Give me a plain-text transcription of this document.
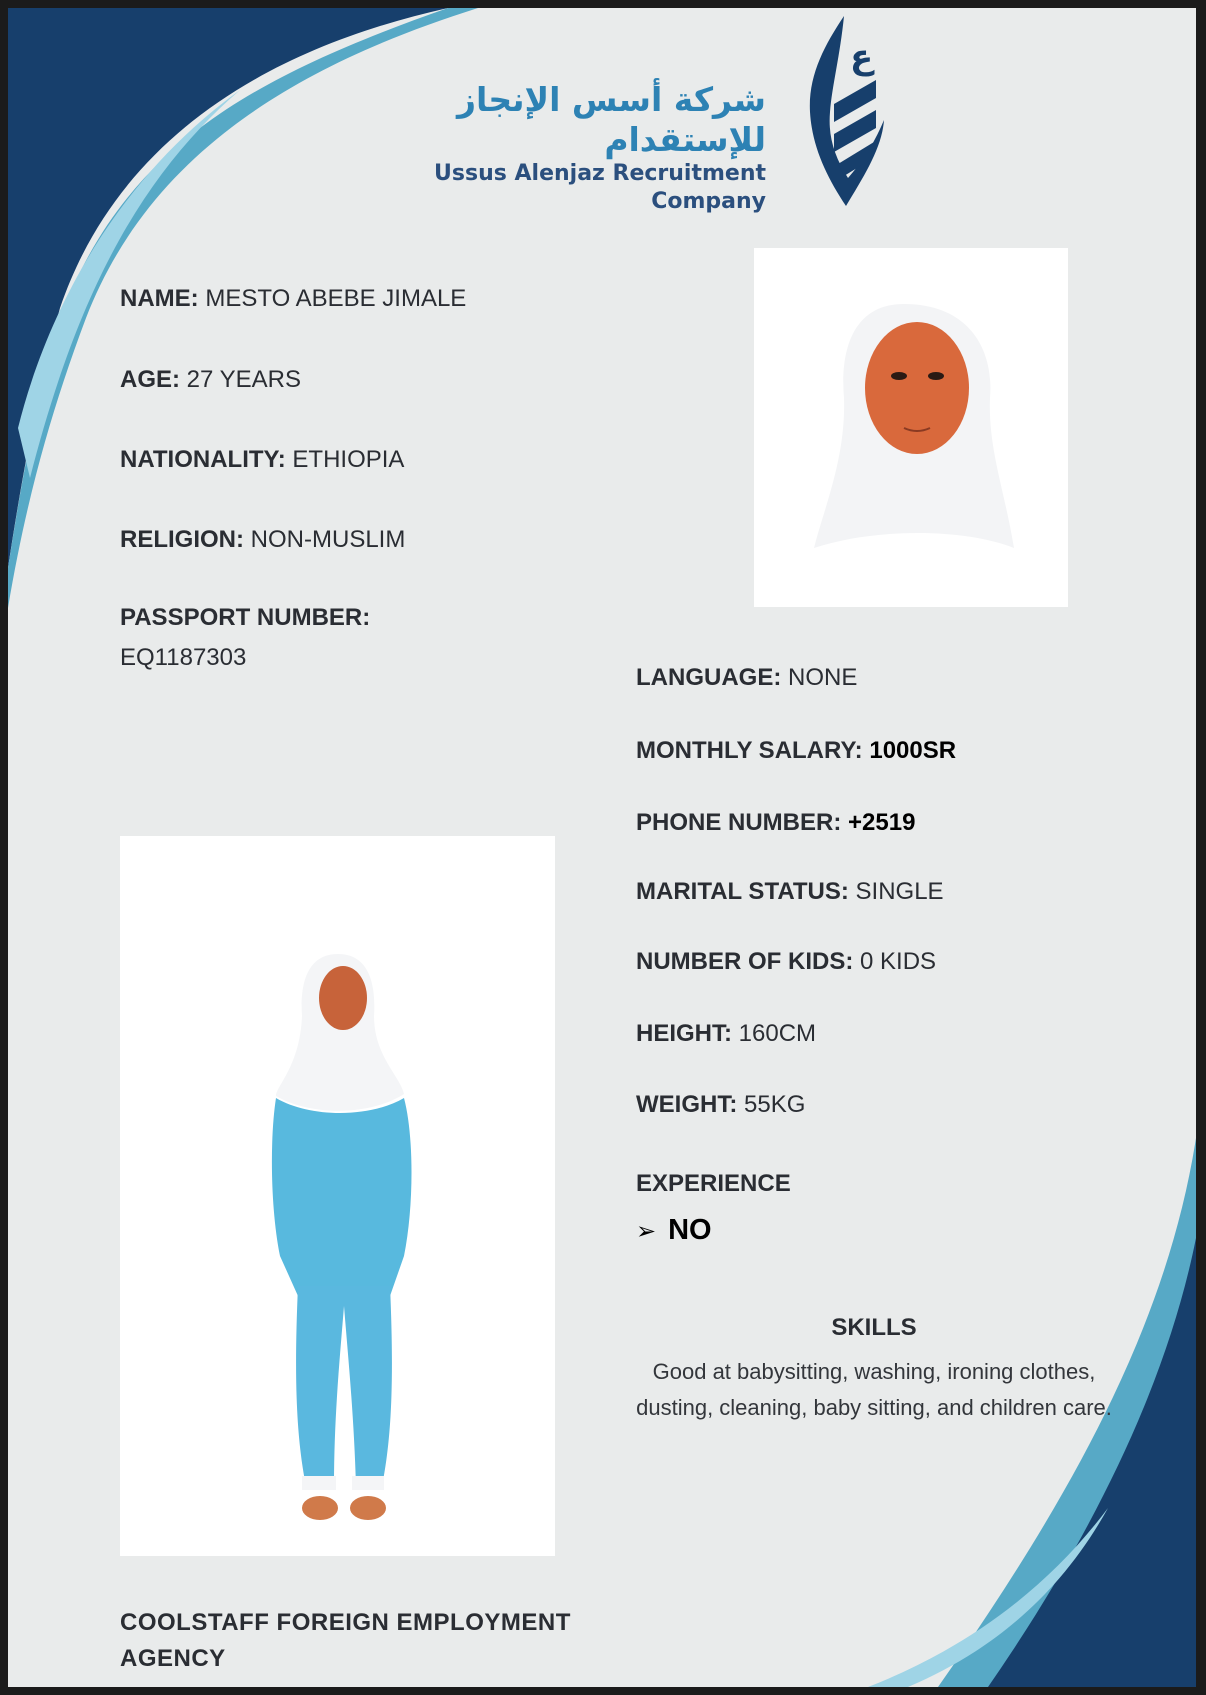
شركة أسس الإنجاز للإستقدام
Ussus Alenjaz Recruitment Company
ع
NAME: MESTO ABEBE JIMALE
AGE: 27 YEARS
NATIONALITY: ETHIOPIA
RELIGION: NON-MUSLIM
PASSPORT NUMBER:
EQ1187303
LANGUAGE: NONE
MONTHLY SALARY: 1000SR
PHONE NUMBER: +2519
MARITAL STATUS: SINGLE
NUMBER OF KIDS: 0 KIDS
HEIGHT: 160CM
WEIGHT: 55KG
EXPERIENCE
➢ NO
SKILLS
Good at babysitting, washing, ironing clothes, dusting, cleaning, baby sitting, and children care.
COOLSTAFF FOREIGN EMPLOYMENT AGENCY
